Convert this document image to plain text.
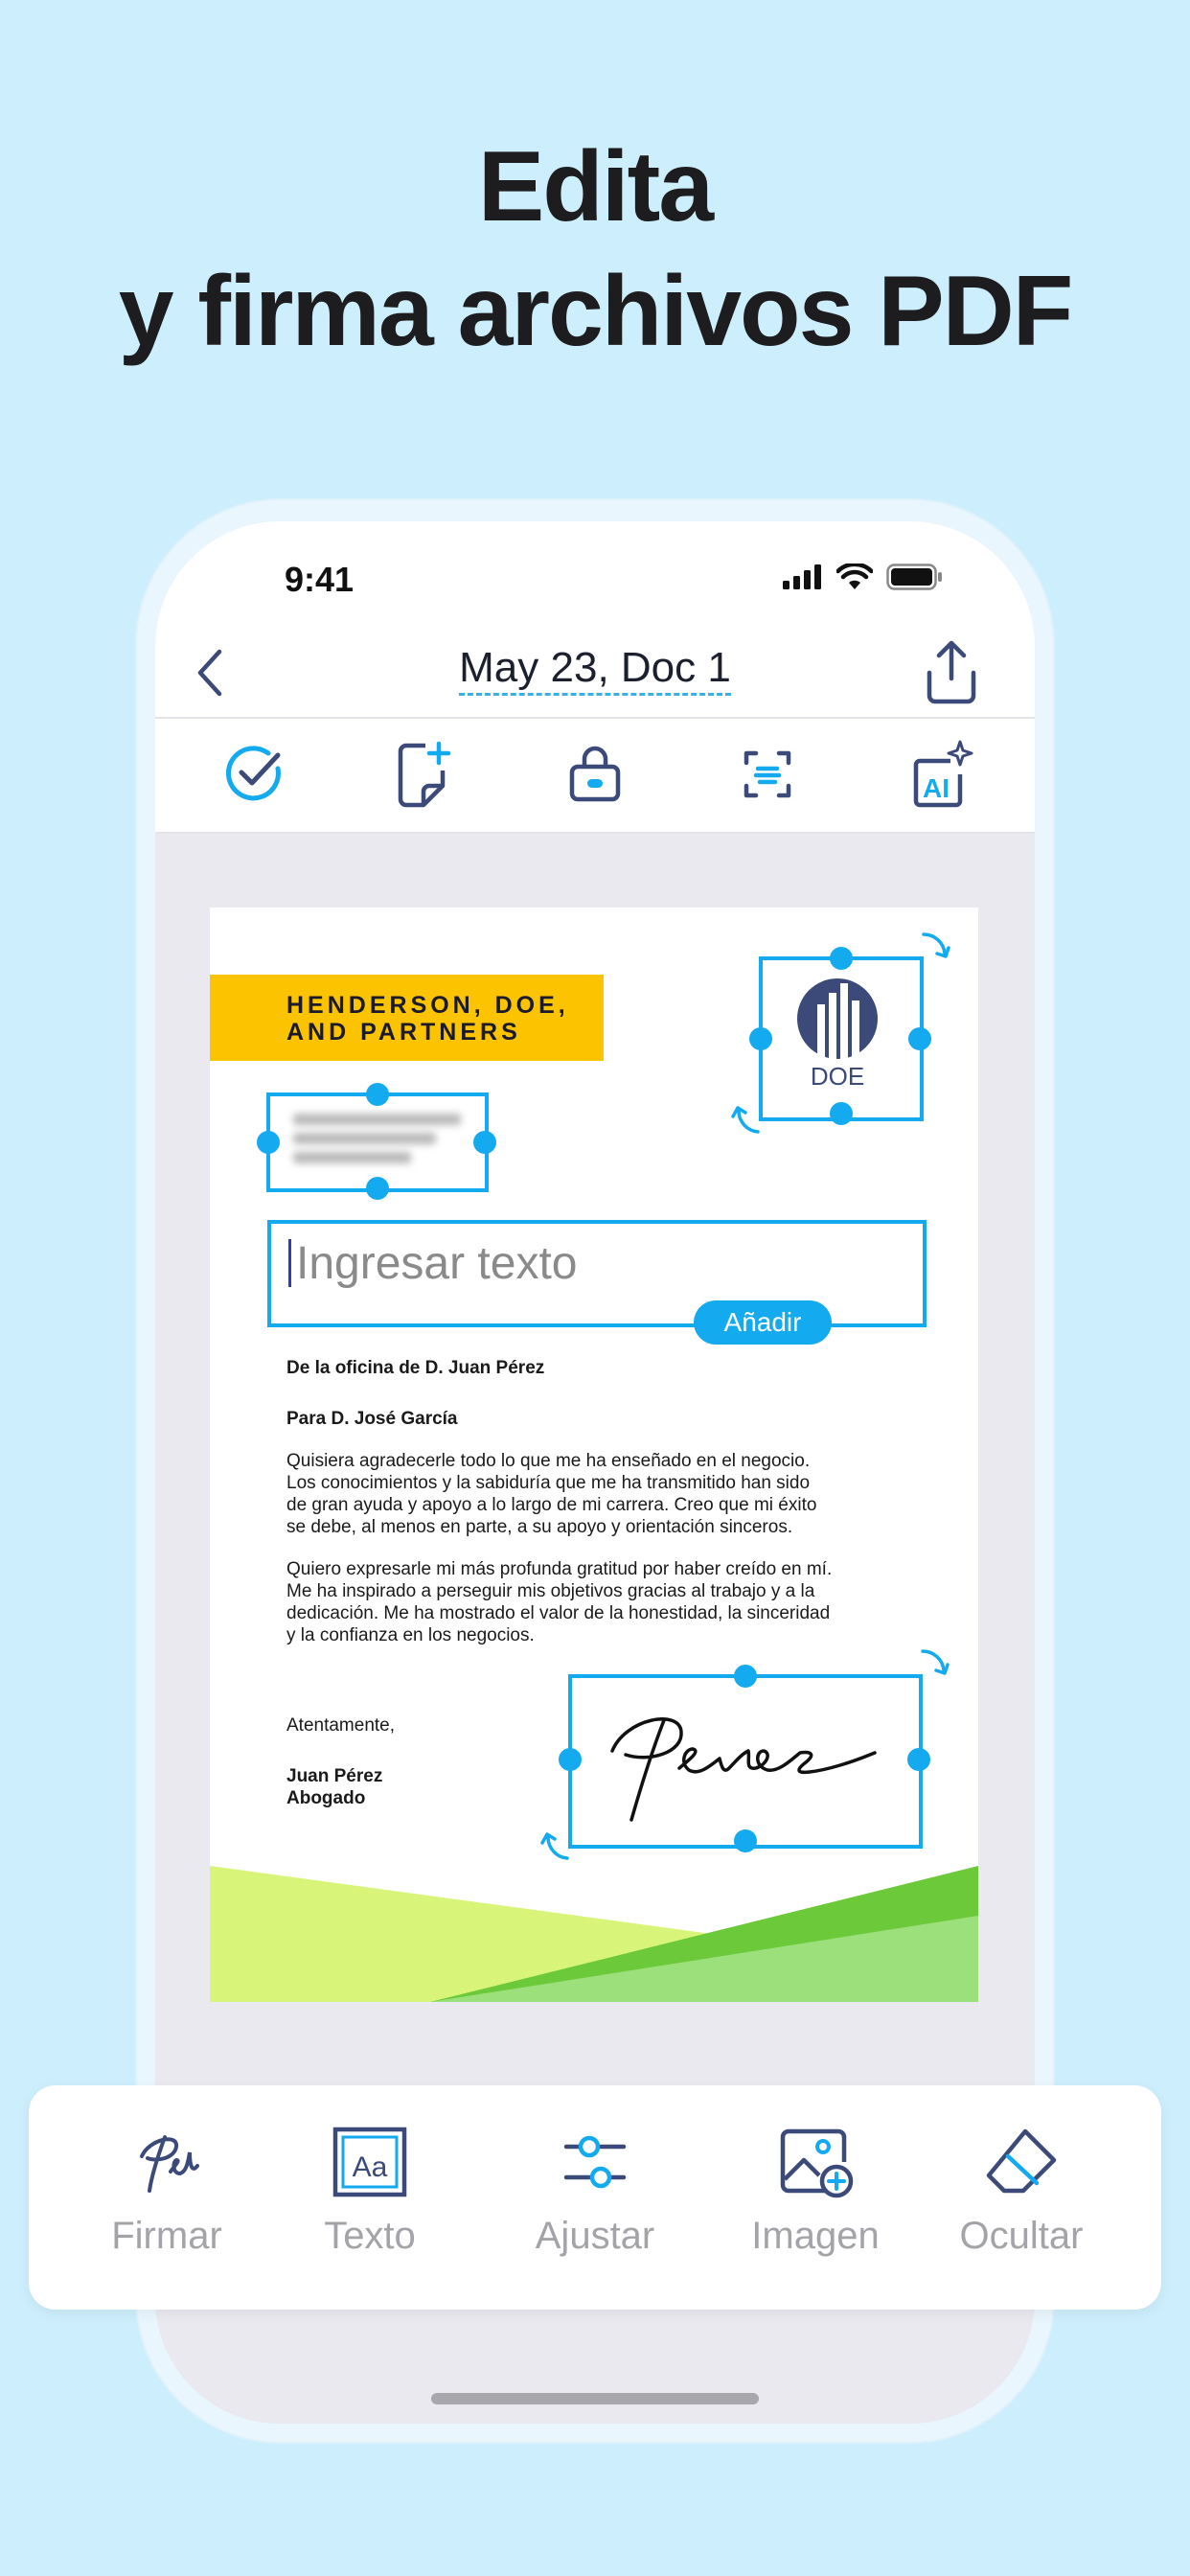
Edita
y firma archivos PDF
9:41
May 23, Doc 1
AI
HENDERSON, DOE,
AND PARTNERS
DOE
Ingresar texto
Añadir
De la oficina de D. Juan Pérez
Para D. José García
Quisiera agradecerle todo lo que me ha enseñado en el negocio.
Los conocimientos y la sabiduría que me ha transmitido han sido
de gran ayuda y apoyo a lo largo de mi carrera. Creo que mi éxito
se debe, al menos en parte, a su apoyo y orientación sinceros.
Quiero expresarle mi más profunda gratitud por haber creído en mí.
Me ha inspirado a perseguir mis objetivos gracias al trabajo y a la
dedicación. Me ha mostrado el valor de la honestidad, la sinceridad
y la confianza en los negocios.
Atentamente,
Juan Pérez
Abogado
Firmar
Aa
Texto	Ajustar	Imagen	Ocultar
